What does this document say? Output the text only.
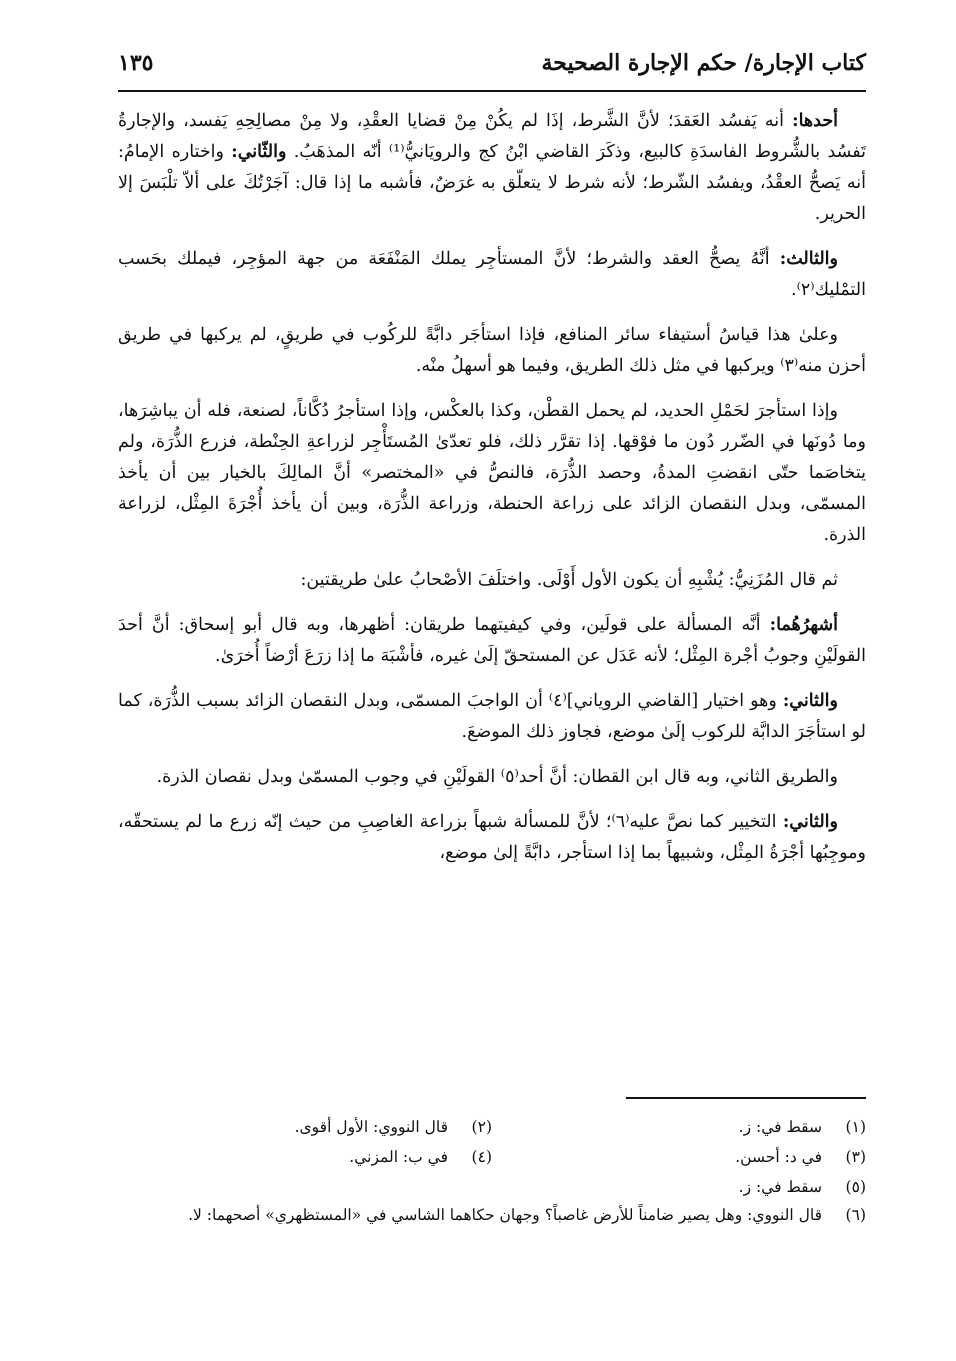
كتاب الإجارة/ حكم الإجارة الصحيحة
١٣٥

أحدها: أنه يَفسُد العَقدَ؛ لأنَّ الشَّرط، إذَا لم يكُنْ مِنْ قضايا العقْدِ، ولا مِنْ مصالِحِهِ يَفسد، والإجارةُ تَفسُد بالشُّروط الفاسدَةِ كالبيع، وذكَرَ القاضي ابْنُ كج والرويَانيُّ⁽¹⁾ أنّه المذهَبُ. والثّاني: واختاره الإمامُ: أنه يَصحُّ العقْدُ، ويفسُد الشّرط؛ لأنه شرط لا يتعلّق به غرَضٌ، فأشبه ما إذا قال: آجَرْتُكَ على ألاّ تلْبَسَ إلا الحرير.

والثالث: أنَّهُ يصحُّ العقد والشرط؛ لأنَّ المستأجِر يملك المَنْفَعَة من جهة المؤجِر، فيملك بحَسب التمْليك⁽٢⁾.

وعلىٰ هذا قياسُ أستيفاء سائر المنافع، فإذا استأجَر دابَّةً للركُوب في طريقٍ، لم يركبها في طريق أحزن منه⁽٣⁾ ويركبها في مثل ذلك الطريق، وفيما هو أسهلُ منْه.

وإذا استأجرَ لحَمْلِ الحديد، لم يحمل القطْن، وكذا بالعكْس، وإذا استأجرُ دُكَّاناً، لصنعة، فله أن يباشِرَها، وما دُونَها في الضّرر دُون ما فوْقها. إذا تقرَّر ذلك، فلو تعدّىٰ المُستَأْجِر لزراعةِ الحِنْطة، فزرع الذُّرَة، ولم يتخاصَما حتّى انقضتِ المدةُ، وحصد الذُّرَة، فالنصُّ في «المختصر» أنَّ المالِكَ بالخيار بين أن يأخذ المسمّى، وبدل النقصان الزائد على زراعة الحنطة، وزراعة الذُّرَة، وبين أن يأخذ أُجْرَةَ المِثْل، لزراعة الذرة.

ثم قال المُزَنِيُّ: يُشْبِهِ أن يكون الأول أَوْلَى. واختلَفَ الأصْحابُ علىٰ طريقتين:

أشهرُهُما: أنَّه المسألة على قولَين، وفي كيفيتهما طريقان: أظهرها، وبه قال أبو إسحاق: أنَّ أحدَ القولَيْنِ وجوبُ أجْرة المِثْل؛ لأنه عَدَل عن المستحقّ إلَىٰ غيره، فأشْبَهَ ما إذا زرَعَ أرْضاً أُخرَىٰ.

والثاني: وهو اختيار [القاضي الروياني]⁽٤⁾ أن الواجبَ المسمّى، وبدل النقصان الزائد بسبب الذُّرَة، كما لو استأجَرَ الدابَّة للركوب إلَىٰ موضع، فجاوز ذلك الموضعَ.

والطريق الثاني، وبه قال ابن القطان: أنَّ أحد⁽٥⁾ القولَيْنِ في وجوب المسمّىٰ وبدل نقصان الذرة.

والثاني: التخيير كما نصَّ عليه⁽٦⁾؛ لأنَّ للمسألة شبهاً بزراعة الغاصِبِ من حيث إنّه زرع ما لم يستحقّه، وموجِبُها أجْرَةُ المِثْل، وشبيهاً بما إذا استأجر، دابَّةً إلىٰ موضع،

(١)سقط في: ز.
(٢)قال النووي: الأول أقوى.
(٣)في د: أحسن.
(٤)في ب: المزني.
(٥)سقط في: ز.
(٦)قال النووي: وهل يصير ضامناً للأرض غاصباً؟ وجهان حكاهما الشاسي في «المستظهري» أصحهما: لا.
